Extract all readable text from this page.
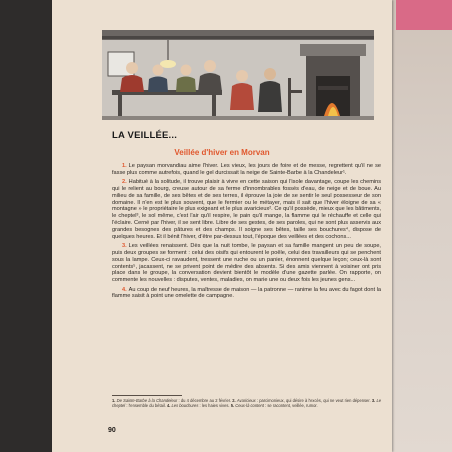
LA VEILLÉE...
Veillée d'hiver en Morvan

1. Le paysan morvandiau aime l'hiver. Les vieux, les jours de foire et de messe, regrettent qu'il ne se fasse plus comme autrefois, quand le gel durcissait la neige de Sainte-Barbe à la Chandeleur¹.

2. Habitué à la solitude, il trouve plaisir à vivre en cette saison qui l'isole davantage, coupe les chemins qui le relient au bourg, creuse autour de sa ferme d'innombrables fossés d'eau, de neige et de boue. Au milieu de sa famille, de ses bêtes et de ses terres, il éprouve la joie de se sentir le seul possesseur de son domaine. Il n'en est le plus souvent, que le fermier ou le métayer, mais il sait que l'hiver éloigne de sa « montagne » le propriétaire le plus exigeant et le plus avaricieux². Ce qu'il possède, mieux que les bâtiments, le cheptel³, le sol même, c'est l'air qu'il respire, le pain qu'il mange, la flamme qui le réchauffe et celle qui l'éclaire. Cerné par l'hiver, il se sent libre. Libre de ses gestes, de ses paroles, qui ne sont plus asservis aux grandes besognes des pâtures et des champs. Il soigne ses bêtes, taille ses bouchures⁴, dispose de quelques heures. Et il bénit l'hiver, d'être par-dessus tout, l'époque des veillées et des cochons...

3. Les veillées renaissent. Dès que la nuit tombe, le paysan et sa famille mangent un peu de soupe, puis deux groupes se forment : celui des oisifs qui entourent le poêle, celui des travailleurs qui se penchent sous la lampe. Ceux-ci ravaudent, tressent une ruche ou un panier, énonnent quelque leçon; ceux-là sont contents⁵, jacassent, ne se privent point de médire des absents. Si des amis viennent à voisiner ont pris place dans le groupe, la conversation devient bientôt le modèle d'une gazette parlée. On rapporte, on commente les nouvelles : disputes, ventes, maladies, on marie une ou deux fois les jeunes gens...

4. Au coup de neuf heures, la maîtresse de maison — la patronne — ranime la feu avec du fagot dont la flamme saisit à point une omelette de campagne.

1. De Sainte-Barbe à la Chandeleur : du 4 décembre au 2 février. 2. Avaricieux : parcimonieux, qui désire à l'excès, qui ne veut rien dépenser. 3. Le cheptel : l'ensemble du bétail. 4. Les bouchures : les haies vives. 5. Ceux-là content : se racontent, veillée, rumor.
90
